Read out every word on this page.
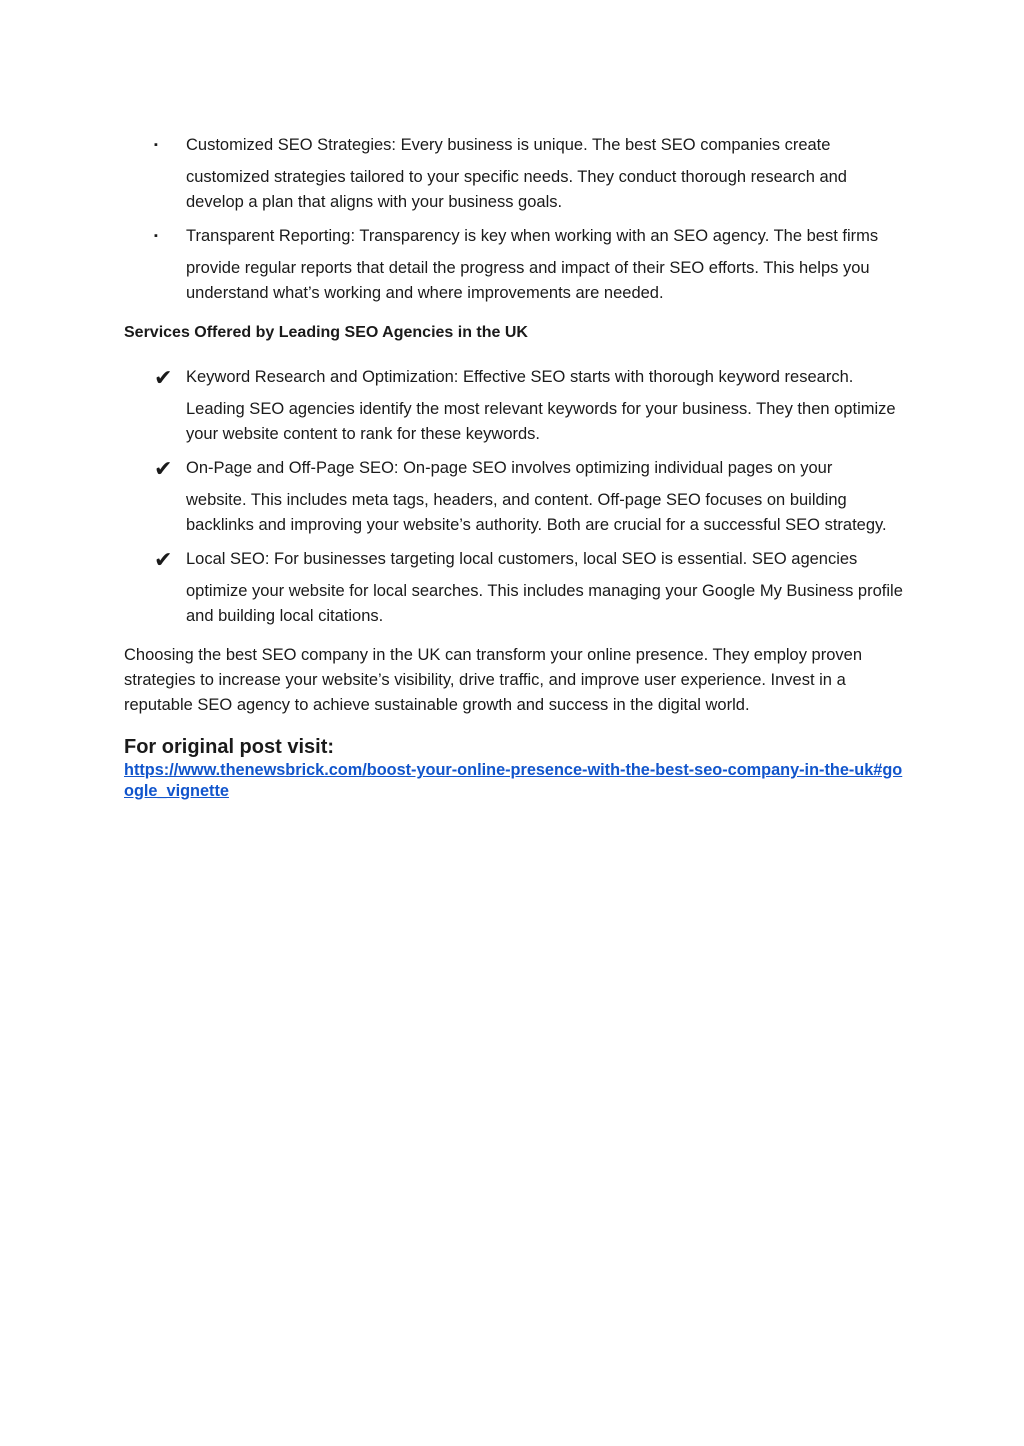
▪	Customized SEO Strategies: Every business is unique. The best SEO companies create
customized strategies tailored to your specific needs. They conduct thorough research and develop a plan that aligns with your business goals.
▪	Transparent Reporting: Transparency is key when working with an SEO agency. The best firms
provide regular reports that detail the progress and impact of their SEO efforts. This helps you understand what’s working and where improvements are needed.
Services Offered by Leading SEO Agencies in the UK
✔ Keyword Research and Optimization: Effective SEO starts with thorough keyword research.
Leading SEO agencies identify the most relevant keywords for your business. They then optimize your website content to rank for these keywords.
✔ On-Page and Off-Page SEO: On-page SEO involves optimizing individual pages on your
website. This includes meta tags, headers, and content. Off-page SEO focuses on building backlinks and improving your website’s authority. Both are crucial for a successful SEO strategy.
✔ Local SEO: For businesses targeting local customers, local SEO is essential. SEO agencies
optimize your website for local searches. This includes managing your Google My Business profile and building local citations.

Choosing the best SEO company in the UK can transform your online presence. They employ proven strategies to increase your website’s visibility, drive traffic, and improve user experience. Invest in a reputable SEO agency to achieve sustainable growth and success in the digital world.

For original post visit:
https://www.thenewsbrick.com/boost-your-online-presence-with-the-best-seo-company-in-the-uk#google_vignette
